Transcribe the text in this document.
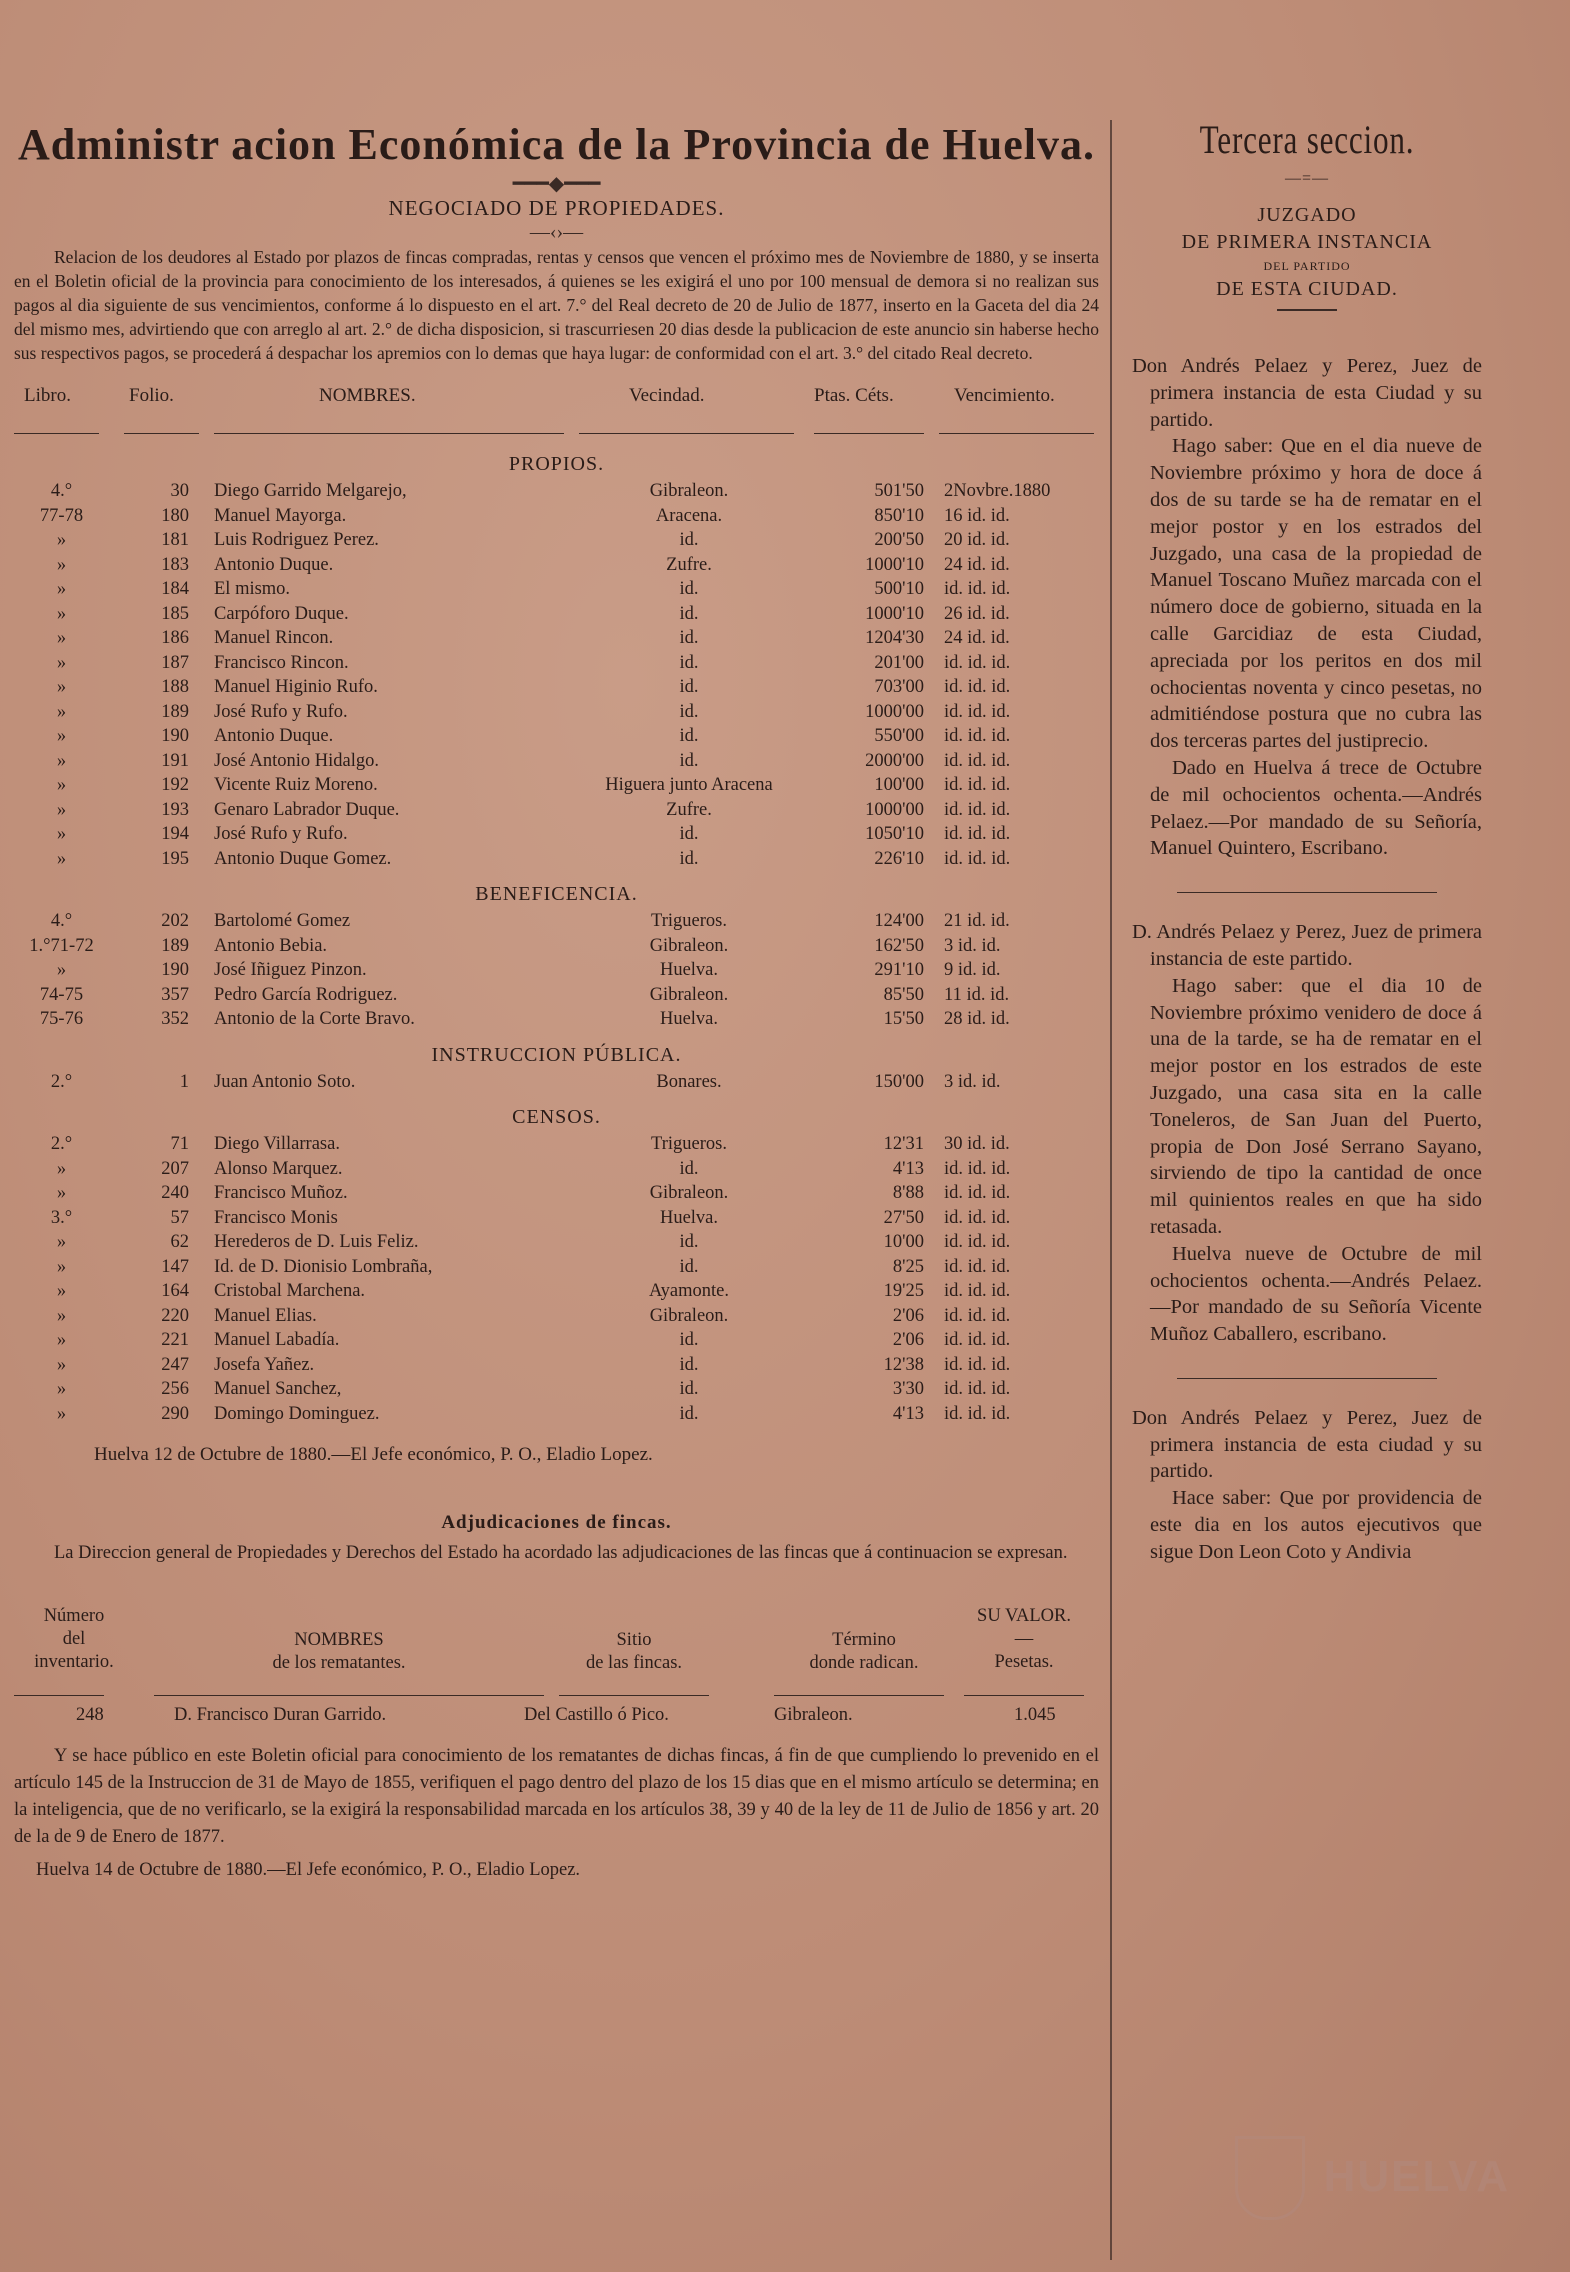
Administr acion Económica de la Provincia de Huelva.
━━━◆━━━
NEGOCIADO DE PROPIEDADES.
—‹›—

Relacion de los deudores al Estado por plazos de fincas compradas, rentas y censos que vencen el próximo mes de Noviembre de 1880, y se inserta en el Boletin oficial de la provincia para conocimiento de los interesados, á quienes se les exigirá el uno por 100 mensual de demora si no realizan sus pagos al dia siguiente de sus vencimientos, conforme á lo dispuesto en el art. 7.° del Real decreto de 20 de Julio de 1877, inserto en la Gaceta del dia 24 del mismo mes, advirtiendo que con arreglo al art. 2.° de dicha disposicion, si trascurriesen 20 dias desde la publicacion de este anuncio sin haberse hecho sus respectivos pagos, se procederá á despachar los apremios con lo demas que haya lugar: de conformidad con el art. 3.° del citado Real decreto.

Libro.	Folio.	NOMBRES.	Vecindad.	Ptas. Céts.	Vencimiento.
PROPIOS.
4.°	30 Diego Garrido Melgarejo,	Gibraleon.	501'50 2Novbre.1880
77-78	180 Manuel Mayorga.	Aracena.	850'10 16 id. id.
»	181 Luis Rodriguez Perez.	id.	200'50 20 id. id.
»	183 Antonio Duque.	Zufre.	1000'10 24 id. id.
»	184 El mismo.	id.	500'10 id. id. id.
»	185 Carpóforo Duque.	id.	1000'10 26 id. id.
»	186 Manuel Rincon.	id.	1204'30 24 id. id.
»	187 Francisco Rincon.	id.	201'00 id. id. id.
»	188 Manuel Higinio Rufo.	id.	703'00 id. id. id.
»	189 José Rufo y Rufo.	id.	1000'00 id. id. id.
»	190 Antonio Duque.	id.	550'00 id. id. id.
»	191 José Antonio Hidalgo.	id.	2000'00 id. id. id.
»	192 Vicente Ruiz Moreno.	Higuera junto Aracena	100'00 id. id. id.
»	193 Genaro Labrador Duque.	Zufre.	1000'00 id. id. id.
»	194 José Rufo y Rufo.	id.	1050'10 id. id. id.
»	195 Antonio Duque Gomez.	id.	226'10 id. id. id.
BENEFICENCIA.
4.°	202 Bartolomé Gomez	Trigueros.	124'00 21 id. id.
1.°71-72	189 Antonio Bebia.	Gibraleon.	162'50 3 id. id.
»	190 José Iñiguez Pinzon.	Huelva.	291'10 9 id. id.
74-75	357 Pedro García Rodriguez.	Gibraleon.	85'50 11 id. id.
75-76	352 Antonio de la Corte Bravo.	Huelva.	15'50 28 id. id.
INSTRUCCION PÚBLICA.
2.°	1 Juan Antonio Soto.	Bonares.	150'00 3 id. id.
CENSOS.
2.°	71 Diego Villarrasa.	Trigueros.	12'31 30 id. id.
»	207 Alonso Marquez.	id.	4'13 id. id. id.
»	240 Francisco Muñoz.	Gibraleon.	8'88 id. id. id.
3.°	57 Francisco Monis	Huelva.	27'50 id. id. id.
»	62 Herederos de D. Luis Feliz.	id.	10'00 id. id. id.
»	147 Id. de D. Dionisio Lombraña,	id.	8'25 id. id. id.
»	164 Cristobal Marchena.	Ayamonte.	19'25 id. id. id.
»	220 Manuel Elias.	Gibraleon.	2'06 id. id. id.
»	221 Manuel Labadía.	id.	2'06 id. id. id.
»	247 Josefa Yañez.	id.	12'38 id. id. id.
»	256 Manuel Sanchez,	id.	3'30 id. id. id.
»	290 Domingo Dominguez.	id.	4'13 id. id. id.

Huelva 12 de Octubre de 1880.—El Jefe económico, P. O., Eladio Lopez.

Adjudicaciones de fincas.

La Direccion general de Propiedades y Derechos del Estado ha acordado las adjudicaciones de las fincas que á continuacion se expresan.

Número
del
inventario.
NOMBRES
de los rematantes.
Sitio
de las fincas.
Término
donde radican.
SU VALOR.
—
Pesetas.
248	D. Francisco Duran Garrido.	Del Castillo ó Pico.	Gibraleon.	1.045

Y se hace público en este Boletin oficial para conocimiento de los rematantes de dichas fincas, á fin de que cumpliendo lo prevenido en el artículo 145 de la Instruccion de 31 de Mayo de 1855, verifiquen el pago dentro del plazo de los 15 dias que en el mismo artículo se determina; en la inteligencia, que de no verificarlo, se la exigirá la responsabilidad marcada en los artículos 38, 39 y 40 de la ley de 11 de Julio de 1856 y art. 20 de la de 9 de Enero de 1877.

Huelva 14 de Octubre de 1880.—El Jefe económico, P. O., Eladio Lopez.

Tercera seccion.
—=—
JUZGADO
DE PRIMERA INSTANCIA
DEL PARTIDO
DE ESTA CIUDAD.

Don Andrés Pelaez y Perez, Juez de primera instancia de esta Ciudad y su partido.

Hago saber: Que en el dia nueve de Noviembre próximo y hora de doce á dos de su tarde se ha de rematar en el mejor postor y en los estrados del Juzgado, una casa de la propiedad de Manuel Toscano Muñez marcada con el número doce de gobierno, situada en la calle Garcidiaz de esta Ciudad, apreciada por los peritos en dos mil ochocientas noventa y cinco pesetas, no admitiéndose postura que no cubra las dos terceras partes del justiprecio.

Dado en Huelva á trece de Octubre de mil ochocientos ochenta.—Andrés Pelaez.—Por mandado de su Señoría, Manuel Quintero, Escribano.

D. Andrés Pelaez y Perez, Juez de primera instancia de este partido.

Hago saber: que el dia 10 de Noviembre próximo venidero de doce á una de la tarde, se ha de rematar en el mejor postor en los estrados de este Juzgado, una casa sita en la calle Toneleros, de San Juan del Puerto, propia de Don José Serrano Sayano, sirviendo de tipo la cantidad de once mil quinientos reales en que ha sido retasada.

Huelva nueve de Octubre de mil ochocientos ochenta.—Andrés Pelaez.—Por mandado de su Señoría Vicente Muñoz Caballero, escribano.

Don Andrés Pelaez y Perez, Juez de primera instancia de esta ciudad y su partido.

Hace saber: Que por providencia de este dia en los autos ejecutivos que sigue Don Leon Coto y Andivia

HUELVA
